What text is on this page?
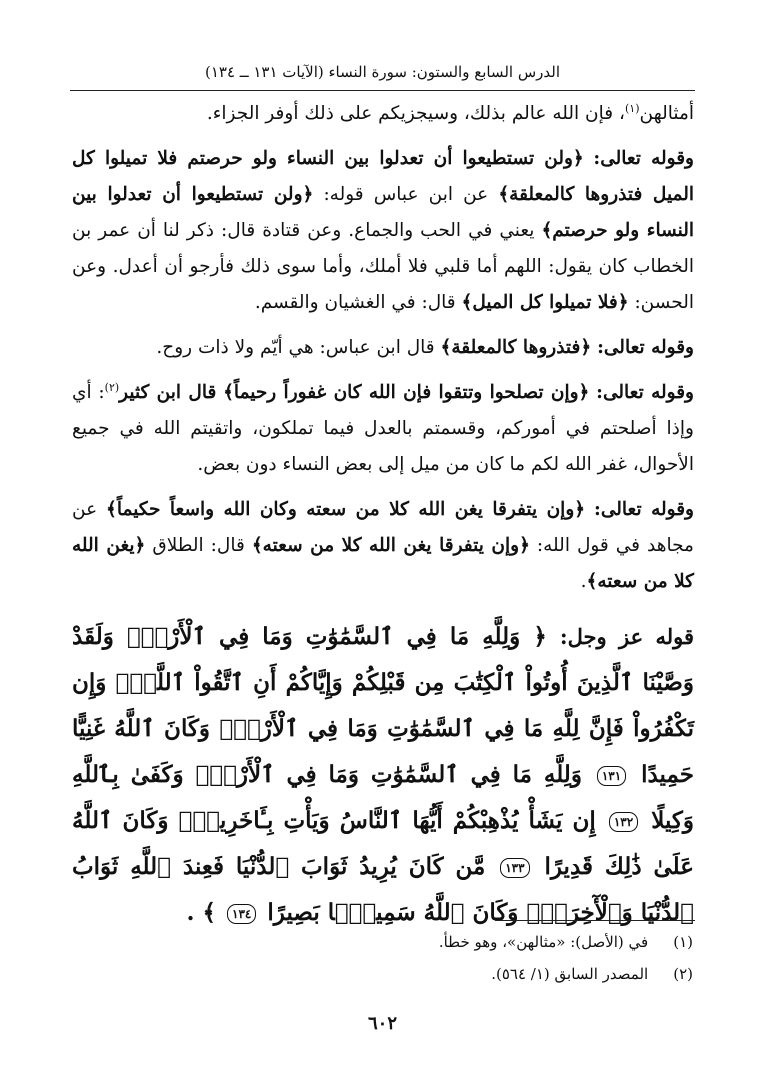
الدرس السابع والستون: سورة النساء (الآيات ١٣١ ــ ١٣٤)

أمثالهن$^{(١)}$، فإن الله عالم بذلك، وسيجزيكم على ذلك أوفر الجزاء.

وقوله تعالى: ﴿ولن تستطيعوا أن تعدلوا بين النساء ولو حرصتم فلا تميلوا كل الميل فتذروها كالمعلقة﴾ عن ابن عباس قوله: ﴿ولن تستطيعوا أن تعدلوا بين النساء ولو حرصتم﴾ يعني في الحب والجماع. وعن قتادة قال: ذكر لنا أن عمر بن الخطاب كان يقول: اللهم أما قلبي فلا أملك، وأما سوى ذلك فأرجو أن أعدل. وعن الحسن: ﴿فلا تميلوا كل الميل﴾ قال: في الغشيان والقسم.

وقوله تعالى: ﴿فتذروها كالمعلقة﴾ قال ابن عباس: هي أيّم ولا ذات روح.

وقوله تعالى: ﴿وإن تصلحوا وتتقوا فإن الله كان غفوراً رحيماً﴾ قال ابن كثير$^{(٢)}$: أي وإذا أصلحتم في أموركم، وقسمتم بالعدل فيما تملكون، واتقيتم الله في جميع الأحوال، غفر الله لكم ما كان من ميل إلى بعض النساء دون بعض.

وقوله تعالى: ﴿وإن يتفرقا يغن الله كلا من سعته وكان الله واسعاً حكيماً﴾ عن مجاهد في قول الله: ﴿وإن يتفرقا يغن الله كلا من سعته﴾ قال: الطلاق ﴿يغن الله كلا من سعته﴾.

قوله عز وجل: ﴿ وَلِلَّهِ مَا فِي ٱلسَّمَٰوَٰتِ وَمَا فِي ٱلْأَرْضِۗ وَلَقَدْ وَصَّيْنَا ٱلَّذِينَ أُوتُواْ ٱلْكِتَٰبَ مِن قَبْلِكُمْ وَإِيَّاكُمْ أَنِ ٱتَّقُواْ ٱللَّهَۚ وَإِن تَكْفُرُواْ فَإِنَّ لِلَّهِ مَا فِي ٱلسَّمَٰوَٰتِ وَمَا فِي ٱلْأَرْضِۚ وَكَانَ ٱللَّهُ غَنِيًّا حَمِيدًا ١٣١ وَلِلَّهِ مَا فِي ٱلسَّمَٰوَٰتِ وَمَا فِي ٱلْأَرْضِۚ وَكَفَىٰ بِٱللَّهِ وَكِيلًا ١٣٢ إِن يَشَأْ يُذْهِبْكُمْ أَيُّهَا ٱلنَّاسُ وَيَأْتِ بِـَٔاخَرِينَۚ وَكَانَ ٱللَّهُ عَلَىٰ ذَٰلِكَ قَدِيرًا ١٣٣ مَّن كَانَ يُرِيدُ ثَوَابَ ٱلدُّنْيَا فَعِندَ ٱللَّهِ ثَوَابُ ٱلدُّنْيَا وَٱلْأٓخِرَةِۚ وَكَانَ ٱللَّهُ سَمِيعًۢا بَصِيرًا ١٣٤ ﴾ .

(١) في (الأصل): «مثالهن»، وهو خطأ.
(٢) المصدر السابق (١/ ٥٦٤).
٦٠٢
